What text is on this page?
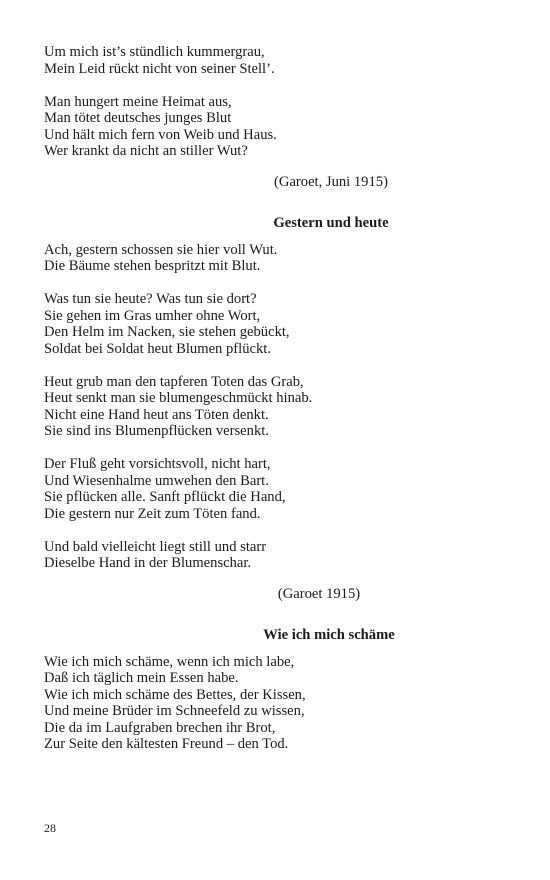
Um mich ist’s stündlich kummergrau,
Mein Leid rückt nicht von seiner Stell’.
Man hungert meine Heimat aus,
Man tötet deutsches junges Blut
Und hält mich fern von Weib und Haus.
Wer krankt da nicht an stiller Wut?
(Garoet, Juni 1915)
Gestern und heute
Ach, gestern schossen sie hier voll Wut.
Die Bäume stehen bespritzt mit Blut.
Was tun sie heute? Was tun sie dort?
Sie gehen im Gras umher ohne Wort,
Den Helm im Nacken, sie stehen gebückt,
Soldat bei Soldat heut Blumen pflückt.
Heut grub man den tapferen Toten das Grab,
Heut senkt man sie blumengeschmückt hinab.
Nicht eine Hand heut ans Töten denkt.
Sie sind ins Blumenpflücken versenkt.
Der Fluß geht vorsichtsvoll, nicht hart,
Und Wiesenhalme umwehen den Bart.
Sie pflücken alle. Sanft pflückt die Hand,
Die gestern nur Zeit zum Töten fand.
Und bald vielleicht liegt still und starr
Dieselbe Hand in der Blumenschar.
(Garoet 1915)
Wie ich mich schäme
Wie ich mich schäme, wenn ich mich labe,
Daß ich täglich mein Essen habe.
Wie ich mich schäme des Bettes, der Kissen,
Und meine Brüder im Schneefeld zu wissen,
Die da im Laufgraben brechen ihr Brot,
Zur Seite den kältesten Freund – den Tod.
28
